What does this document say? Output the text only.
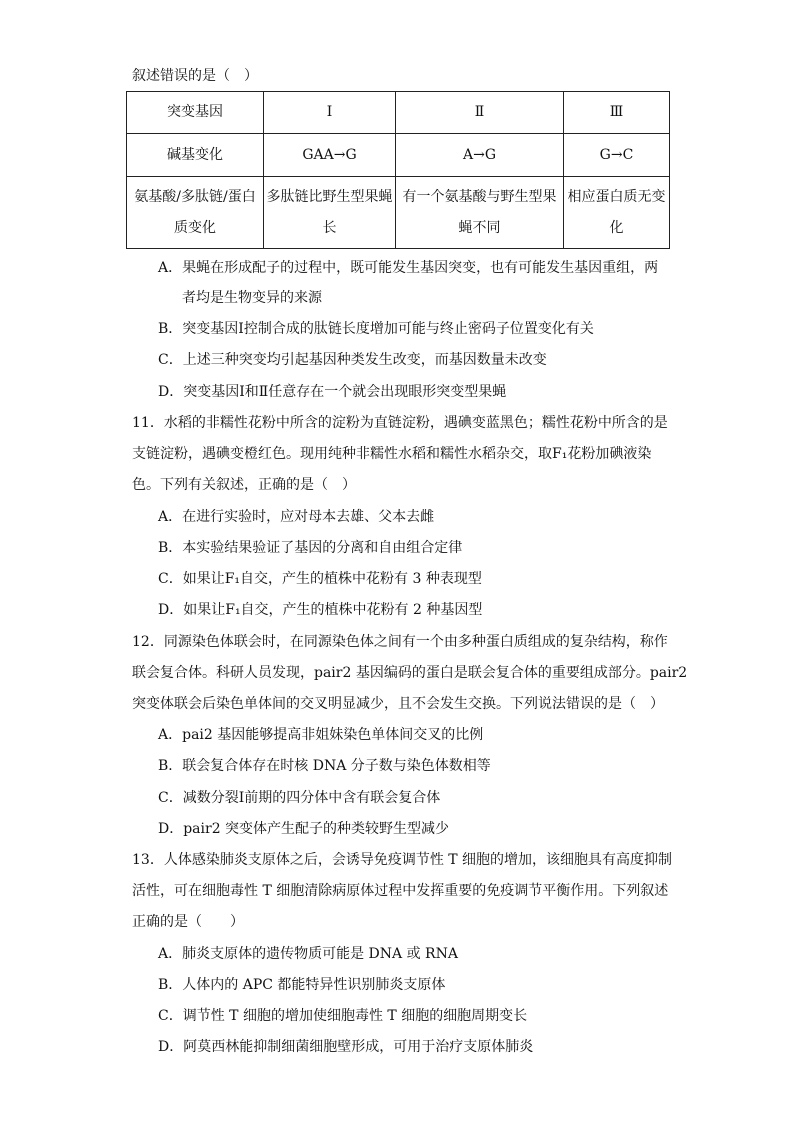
叙述错误的是（　）
突变基因	Ⅰ	Ⅱ	Ⅲ
碱基变化	GAA→G	A→G	G→C
氨基酸/多肽链/蛋白质变化	多肽链比野生型果蝇长	有一个氨基酸与野生型果蝇不同	相应蛋白质无变化
A．果蝇在形成配子的过程中，既可能发生基因突变，也有可能发生基因重组，两
者均是生物变异的来源
B．突变基因Ⅰ控制合成的肽链长度增加可能与终止密码子位置变化有关
C．上述三种突变均引起基因种类发生改变，而基因数量未改变
D．突变基因Ⅰ和Ⅱ任意存在一个就会出现眼形突变型果蝇
11．水稻的非糯性花粉中所含的淀粉为直链淀粉，遇碘变蓝黑色；糯性花粉中所含的是
支链淀粉，遇碘变橙红色。现用纯种非糯性水稻和糯性水稻杂交，取F₁花粉加碘液染
色。下列有关叙述，正确的是（　）
A．在进行实验时，应对母本去雄、父本去雌
B．本实验结果验证了基因的分离和自由组合定律
C．如果让F₁自交，产生的植株中花粉有 3 种表现型
D．如果让F₁自交，产生的植株中花粉有 2 种基因型
12．同源染色体联会时，在同源染色体之间有一个由多种蛋白质组成的复杂结构，称作
联会复合体。科研人员发现，pair2 基因编码的蛋白是联会复合体的重要组成部分。pair2
突变体联会后染色单体间的交叉明显减少，且不会发生交换。下列说法错误的是（　）
A．pai2 基因能够提高非姐妹染色单体间交叉的比例
B．联会复合体存在时核 DNA 分子数与染色体数相等
C．减数分裂Ⅰ前期的四分体中含有联会复合体
D．pair2 突变体产生配子的种类较野生型减少
13．人体感染肺炎支原体之后，会诱导免疫调节性 T 细胞的增加，该细胞具有高度抑制
活性，可在细胞毒性 T 细胞清除病原体过程中发挥重要的免疫调节平衡作用。下列叙述
正确的是（　　）
A．肺炎支原体的遗传物质可能是 DNA 或 RNA
B．人体内的 APC 都能特异性识别肺炎支原体
C．调节性 T 细胞的增加使细胞毒性 T 细胞的细胞周期变长
D．阿莫西林能抑制细菌细胞壁形成，可用于治疗支原体肺炎
